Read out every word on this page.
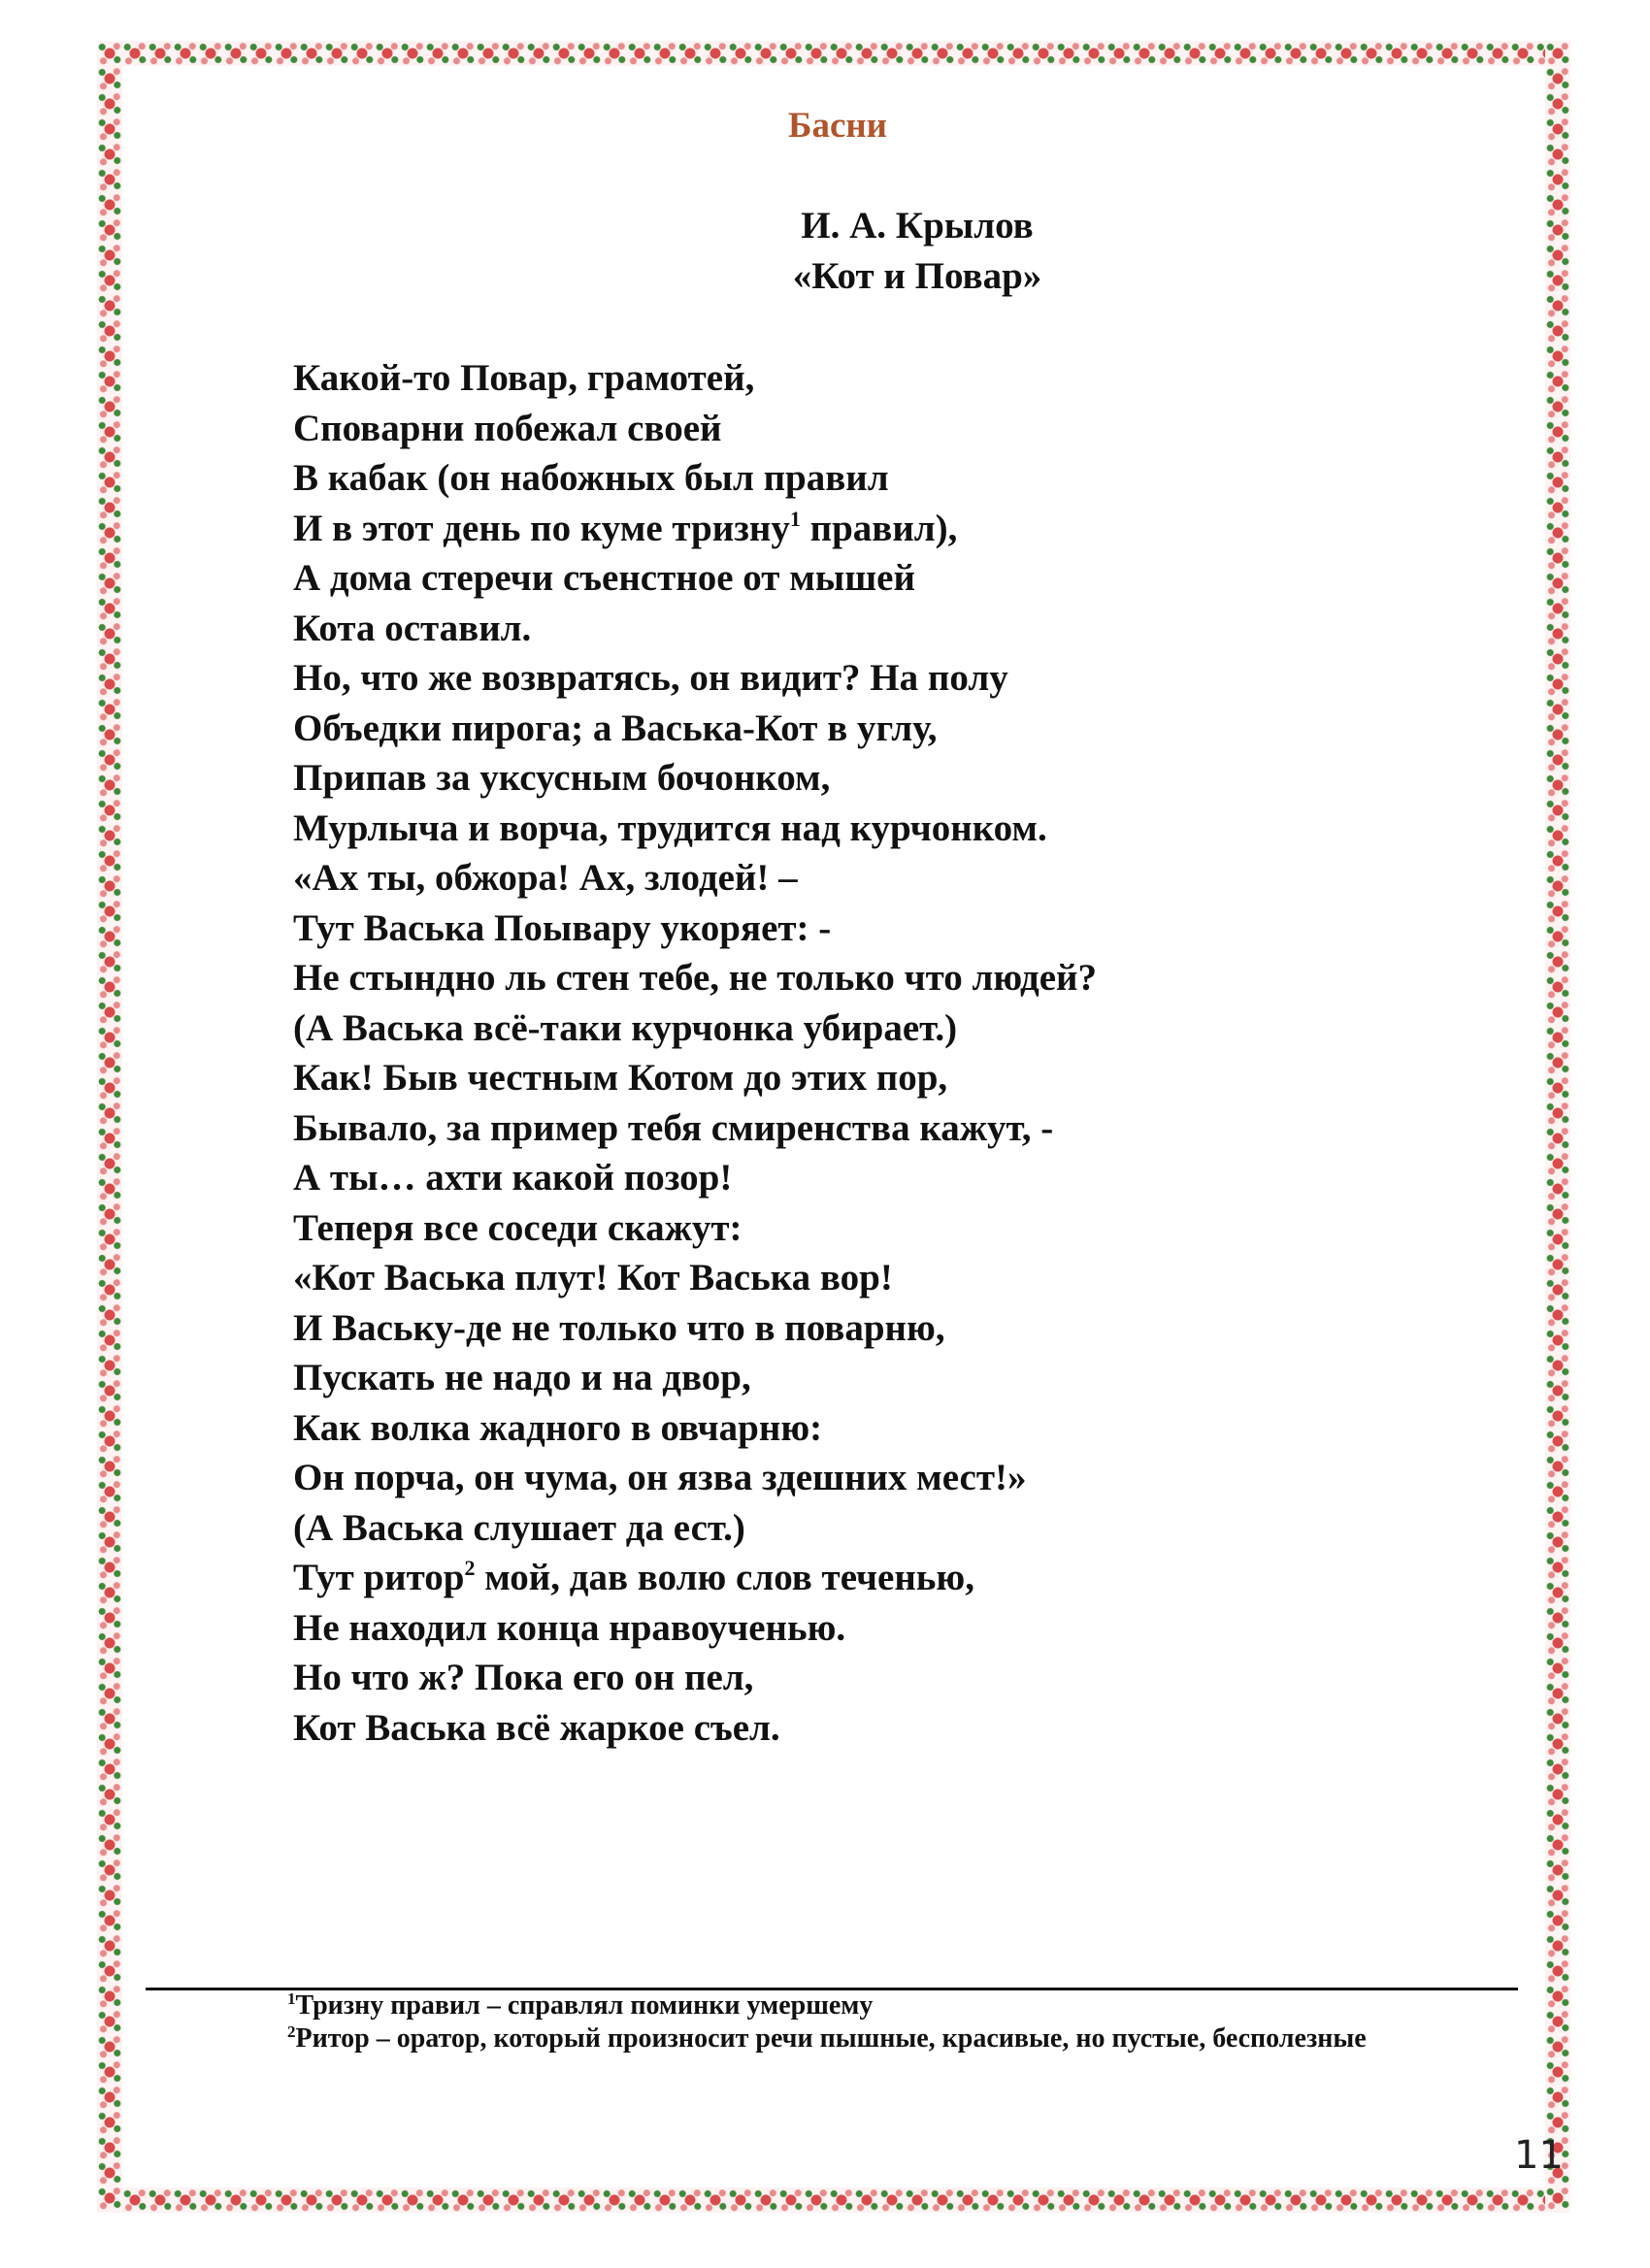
Басни
И. А. Крылов
«Кот и Повар»
Какой-то Повар, грамотей,
Споварни побежал своей
В кабак (он набожных был правил
И в этот день по куме тризну$^1$ правил),
А дома стеречи съенстное от мышей
Кота оставил.
Но, что же возвратясь, он видит? На полу
Объедки пирога; а Васька-Кот в углу,
Припав за уксусным бочонком,
Мурлыча и ворча, трудится над курчонком.
«Ах ты, обжора! Ах, злодей! –
Тут Васька Поывару укоряет: -
Не стындно ль стен тебе, не только что людей?
(А Васька всё-таки курчонка убирает.)
Как! Быв честным Котом до этих пор,
Бывало, за пример тебя смиренства кажут, -
А ты… ахти какой позор!
Теперя все соседи скажут:
«Кот Васька плут! Кот Васька вор!
И Ваську-де не только что в поварню,
Пускать не надо и на двор,
Как волка жадного в овчарню:
Он порча, он чума, он язва здешних мест!»
(А Васька слушает да ест.)
Тут ритор$^2$ мой, дав волю слов теченью,
Не находил конца нравоученью.
Но что ж? Пока его он пел,
Кот Васька всё жаркое съел.
$^1$Тризну правил – справлял поминки умершему
$^2$Ритор – оратор, который произносит речи пышные, красивые, но пустые, бесполезные
11
